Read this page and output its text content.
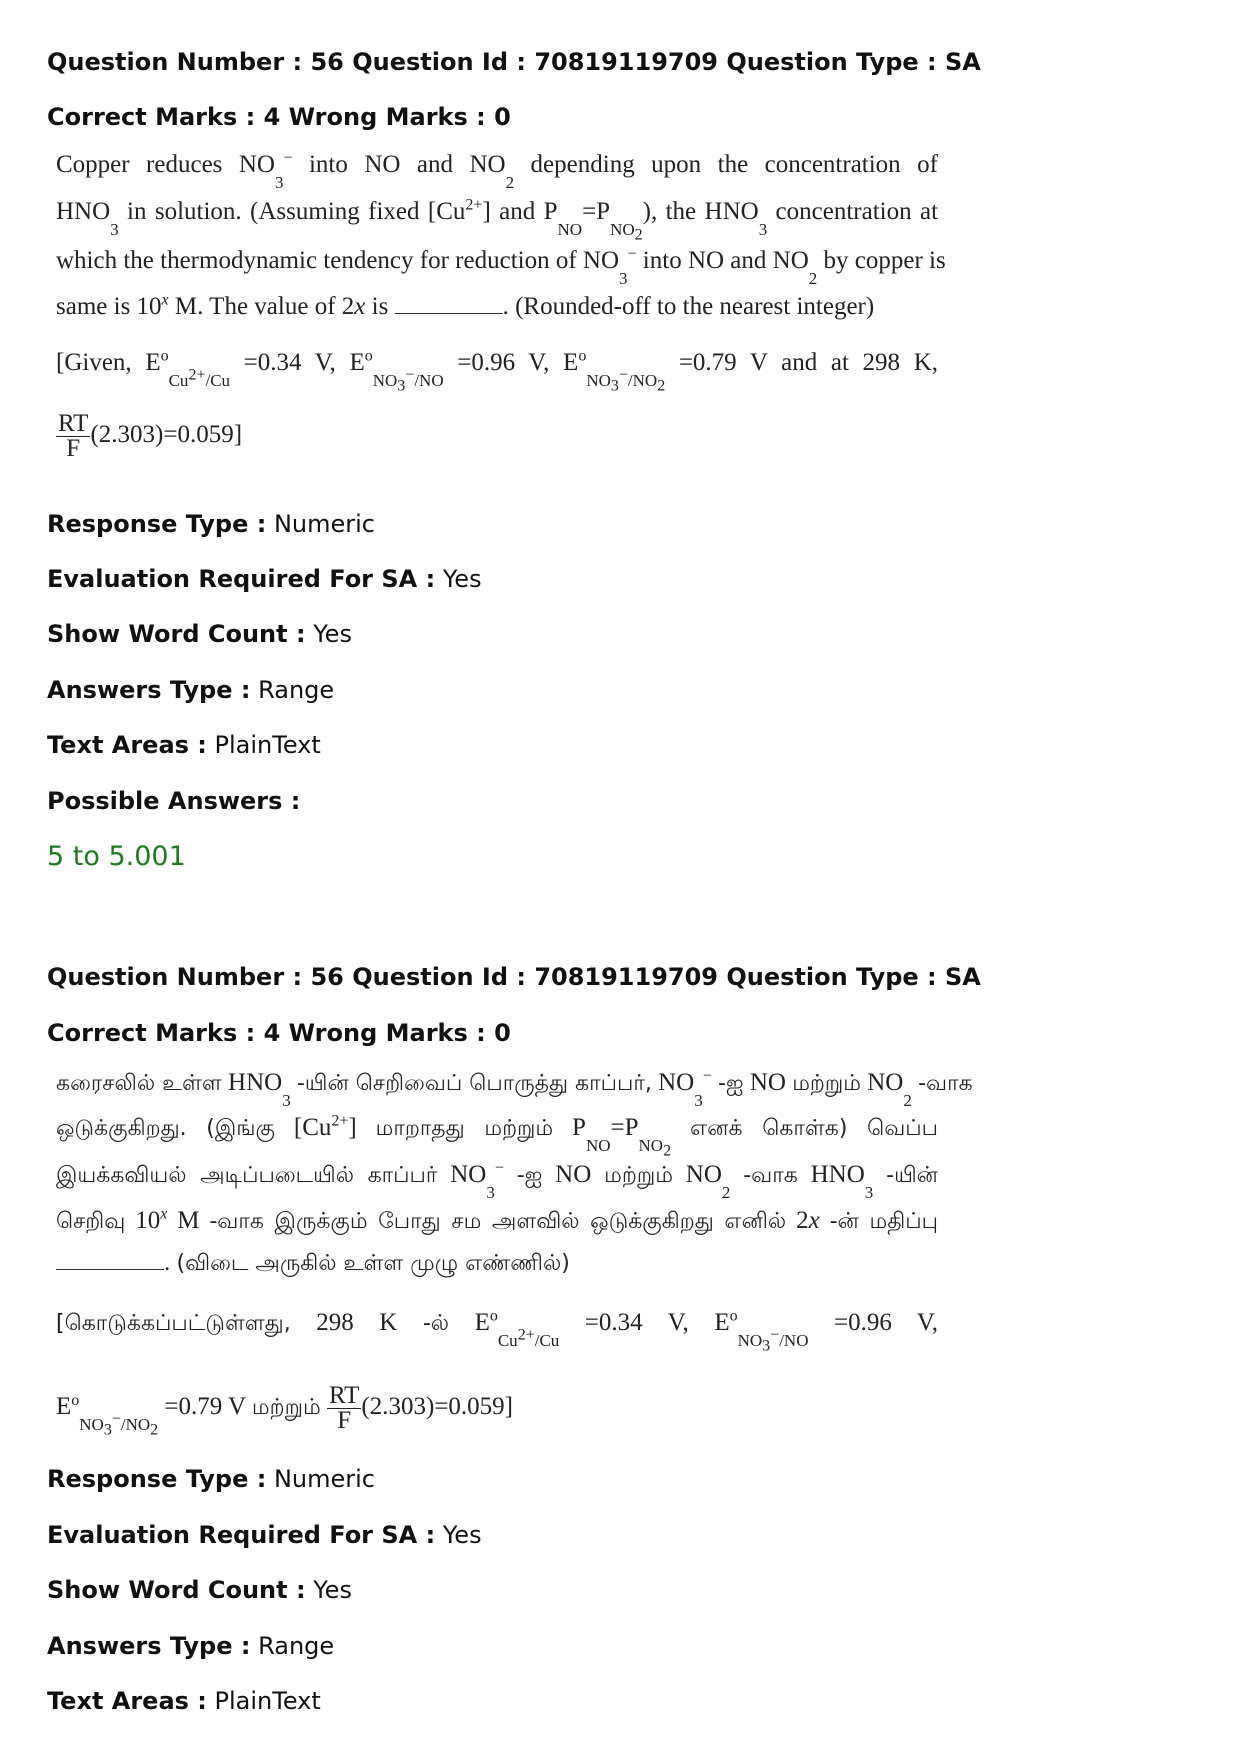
Question Number : 56 Question Id : 70819119709 Question Type : SA
Correct Marks : 4 Wrong Marks : 0

Copper reduces $NO_3^-$ into NO and $NO_2$ depending upon the concentration of

$HNO_3$ in solution. (Assuming fixed $[Cu^{2+}]$ and $P_{NO}=P_{NO_2}$), the $HNO_3$ concentration at

which the thermodynamic tendency for reduction of $NO_3^-$ into NO and $NO_2$ by copper is

same is 10$^x$ M. The value of 2x is	. (Rounded-off to the nearest integer)

[Given, $E^o_{Cu^{2+}/Cu} =0.34$ V, $E^o_{NO_3^-/NO} =0.96$ V, $E^o_{NO_3^-/NO_2} =0.79$ V and at 298 K,

$\frac{RT}{F} (2.303)=0.059$]

Response Type : Numeric
Evaluation Required For SA : Yes
Show Word Count : Yes
Answers Type : Range
Text Areas : PlainText
Possible Answers :
5 to 5.001
Question Number : 56 Question Id : 70819119709 Question Type : SA
Correct Marks : 4 Wrong Marks : 0

கரைசலில் உள்ள $HNO_3$ -யின் செறிவைப் பொருத்து காப்பர், $NO_3^-$ -ஐ NO மற்றும் $NO_2$ -வாக

ஒடுக்குகிறது. (இங்கு $[Cu^{2+}]$ மாறாதது மற்றும் $P_{NO}=P_{NO_2}$ எனக் கொள்க) வெப்ப

இயக்கவியல் அடிப்படையில் காப்பர் $NO_3^-$ -ஐ NO மற்றும் $NO_2$ -வாக $HNO_3$ -யின்

செறிவு 10$^x$ M -வாக இருக்கும் போது சம அளவில் ஒடுக்குகிறது எனில் 2x -ன் மதிப்பு

. (விடை அருகில் உள்ள முழு எண்ணில்)

[கொடுக்கப்பட்டுள்ளது, 298 K -ல் $E^o_{Cu^{2+}/Cu} =0.34$ V, $E^o_{NO_3^-/NO} =0.96$ V,

$E^o_{NO_3^-/NO_2} =0.79$ V மற்றும் $\frac{RT}{F} (2.303)=0.059$]

Response Type : Numeric
Evaluation Required For SA : Yes
Show Word Count : Yes
Answers Type : Range
Text Areas : PlainText
